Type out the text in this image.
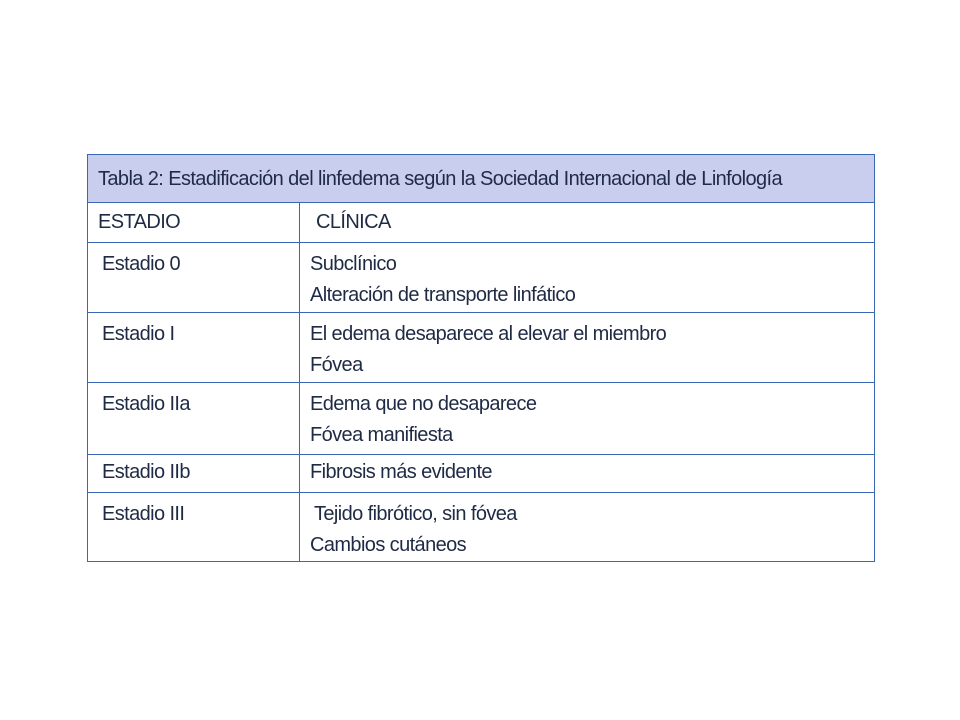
Tabla 2: Estadificación del linfedema según la Sociedad Internacional de Linfología
ESTADIO	CLÍNICA
Estadio 0	Subclínico
Alteración de transporte linfático
Estadio I	El edema desaparece al elevar el miembro
Fóvea
Estadio IIa	Edema que no desaparece
Fóvea manifiesta
Estadio IIb	Fibrosis más evidente
Estadio III	Tejido fibrótico, sin fóvea
Cambios cutáneos
